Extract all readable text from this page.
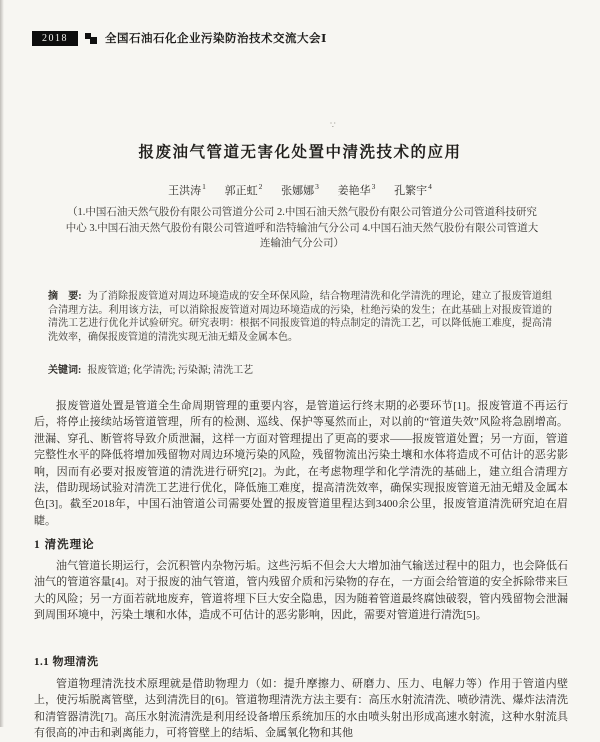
2018	全国石油石化企业污染防治技术交流大会Ⅰ
∵
报废油气管道无害化处置中清洗技术的应用
王洪涛$^1$ 郭正虹$^2$ 张娜娜$^3$ 姜艳华$^3$ 孔繁宇$^4$
（1.中国石油天然气股份有限公司管道分公司 2.中国石油天然气股份有限公司管道分公司管道科技研究中心 3.中国石油天然气股份有限公司管道呼和浩特输油气分公司 4.中国石油天然气股份有限公司管道大连输油气分公司）

摘　要: 为了消除报废管道对周边环境造成的安全环保风险，结合物理清洗和化学清洗的理论，建立了报废管道组合清理方法。利用该方法，可以消除报废管道对周边环境造成的污染，杜绝污染的发生；在此基础上对报废管道的清洗工艺进行优化并试验研究。研究表明：根据不同报废管道的特点制定的清洗工艺，可以降低施工难度，提高清洗效率，确保报废管道的清洗实现无油无蜡及金属本色。

关键词: 报废管道; 化学清洗; 污染源; 清洗工艺

报废管道处置是管道全生命周期管理的重要内容，是管道运行终末期的必要环节[1]。报废管道不再运行后，将停止接续站场管道管理，所有的检测、巡线、保护等戛然而止，对以前的“管道失效”风险将急剧增高。泄漏、穿孔、断管将导致介质泄漏，这样一方面对管理提出了更高的要求——报废管道处置；另一方面，管道完整性水平的降低将增加残留物对周边环境污染的风险，残留物流出污染土壤和水体将造成不可估计的恶劣影响，因而有必要对报废管道的清洗进行研究[2]。为此，在考虑物理学和化学清洗的基础上，建立组合清理方法，借助现场试验对清洗工艺进行优化，降低施工难度，提高清洗效率，确保实现报废管道无油无蜡及金属本色[3]。截至2018年，中国石油管道公司需要处置的报废管道里程达到3400余公里，报废管道清洗研究迫在眉睫。

1 清洗理论

油气管道长期运行，会沉积管内杂物污垢。这些污垢不但会大大增加油气输送过程中的阻力，也会降低石油气的管道容量[4]。对于报废的油气管道，管内残留介质和污染物的存在，一方面会给管道的安全拆除带来巨大的风险；另一方面若就地废弃，管道将埋下巨大安全隐患，因为随着管道最终腐蚀破裂，管内残留物会泄漏到周围环境中，污染土壤和水体，造成不可估计的恶劣影响，因此，需要对管道进行清洗[5]。

1.1 物理清洗

管道物理清洗技术原理就是借助物理力（如：提升摩擦力、研磨力、压力、电解力等）作用于管道内壁上，使污垢脱离管壁，达到清洗目的[6]。管道物理清洗方法主要有：高压水射流清洗、喷砂清洗、爆炸法清洗和清管器清洗[7]。高压水射流清洗是利用经设备增压系统加压的水由喷头射出形成高速水射流，这种水射流具有很高的冲击和剥离能力，可将管壁上的结垢、金属氧化物和其他
